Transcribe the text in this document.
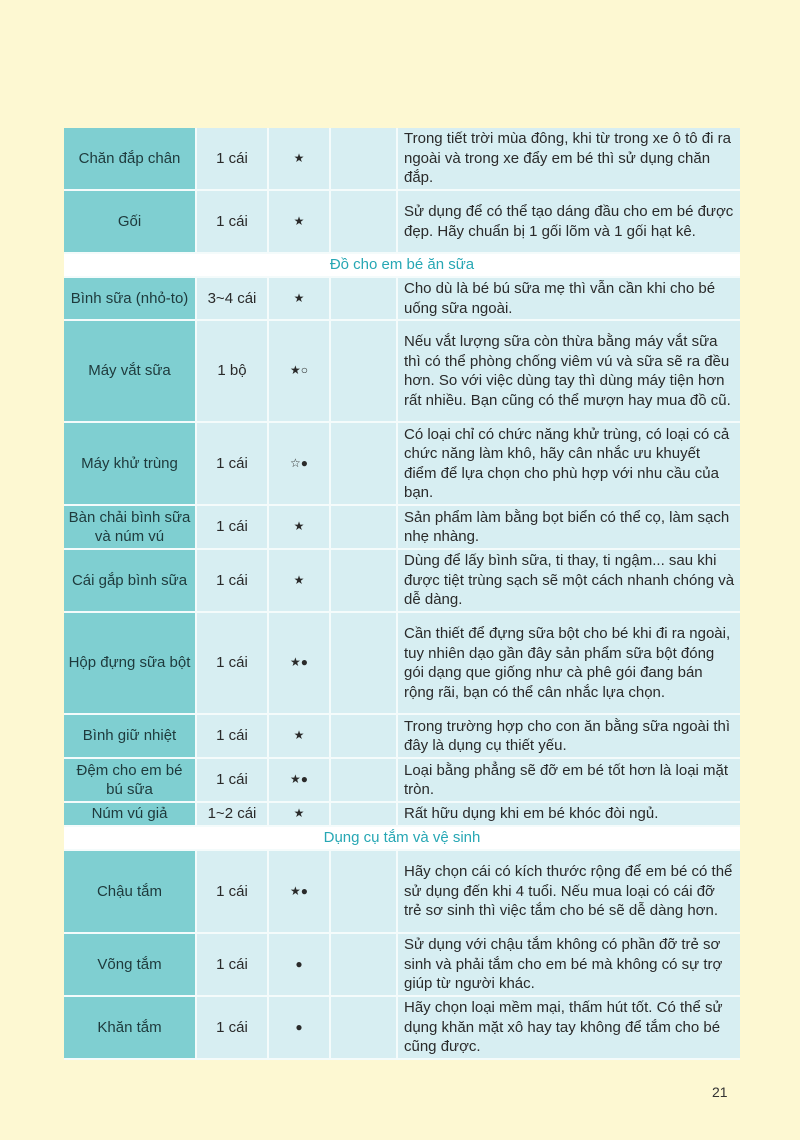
Chăn đắp chân	1 cái	★		Trong tiết trời mùa đông, khi từ trong xe ô tô đi ra ngoài và trong xe đẩy em bé thì sử dụng chăn đắp.
Gối	1 cái	★		Sử dụng để có thể tạo dáng đầu cho em bé được đẹp. Hãy chuẩn bị 1 gối lõm và 1 gối hạt kê.
Đồ cho em bé ăn sữa				
Bình sữa (nhỏ-to)	3~4 cái	★		Cho dù là bé bú sữa mẹ thì vẫn cần khi cho bé uống sữa ngoài.
Máy vắt sữa	1 bộ	★○		Nếu vắt lượng sữa còn thừa bằng máy vắt sữa thì có thể phòng chống viêm vú và sữa sẽ ra đều hơn. So với việc dùng tay thì dùng máy tiện hơn rất nhiều. Bạn cũng có thể mượn hay mua đồ cũ.
Máy khử trùng	1 cái	☆●		Có loại chỉ có chức năng khử trùng, có loại có cả chức năng làm khô, hãy cân nhắc ưu khuyết điểm để lựa chọn cho phù hợp với nhu cầu của bạn.
Bàn chải bình sữa và núm vú	1 cái	★		Sản phẩm làm bằng bọt biển có thể cọ, làm sạch nhẹ nhàng.
Cái gắp bình sữa	1 cái	★		Dùng để lấy bình sữa, ti thay, ti ngậm... sau khi được tiệt trùng sạch sẽ một cách nhanh chóng và dễ dàng.
Hộp đựng sữa bột	1 cái	★●		Cần thiết để đựng sữa bột cho bé khi đi ra ngoài, tuy nhiên dạo gần đây sản phẩm sữa bột đóng gói dạng que giống như cà phê gói đang bán rộng rãi, bạn có thể cân nhắc lựa chọn.
Bình giữ nhiệt	1 cái	★		Trong trường hợp cho con ăn bằng sữa ngoài thì đây là dụng cụ thiết yếu.
Đệm cho em bé bú sữa	1 cái	★●		Loại bằng phẳng sẽ đỡ em bé tốt hơn là loại mặt tròn.
Núm vú giả	1~2 cái	★		Rất hữu dụng khi em bé khóc đòi ngủ.
Dụng cụ tắm và vệ sinh				
Chậu tắm	1 cái	★●		Hãy chọn cái có kích thước rộng để em bé có thể sử dụng đến khi 4 tuổi. Nếu mua loại có cái đỡ trẻ sơ sinh thì việc tắm cho bé sẽ dễ dàng hơn.
Võng tắm	1 cái	●		Sử dụng với chậu tắm không có phần đỡ trẻ sơ sinh và phải tắm cho em bé mà không có sự trợ giúp từ người khác.
Khăn tắm	1 cái	●		Hãy chọn loại mềm mại, thấm hút tốt. Có thể sử dụng khăn mặt xô hay tay không để tắm cho bé cũng được.
21
